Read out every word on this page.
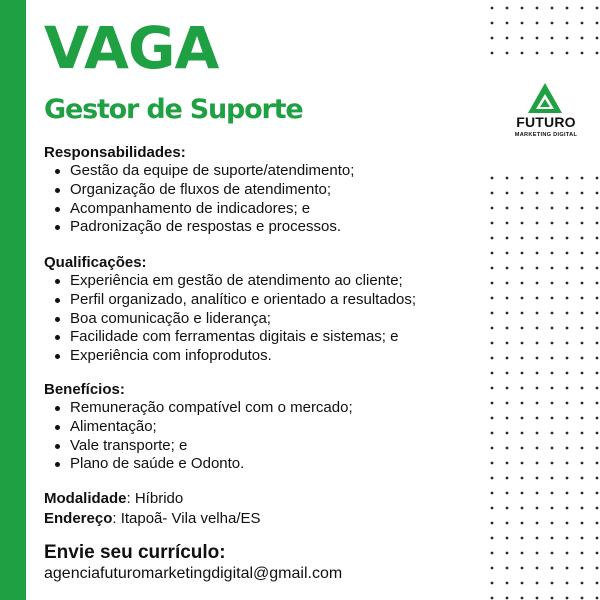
VAGA
Gestor de Suporte	FUTURO
MARKETING DIGITAL
Responsabilidades:
Gestão da equipe de suporte/atendimento;
Organização de fluxos de atendimento;
Acompanhamento de indicadores; e
Padronização de respostas e processos.
Qualificações:
Experiência em gestão de atendimento ao cliente;
Perfil organizado, analítico e orientado a resultados;
Boa comunicação e liderança;
Facilidade com ferramentas digitais e sistemas; e
Experiência com infoprodutos.
Benefícios:
Remuneração compatível com o mercado;
Alimentação;
Vale transporte; e
Plano de saúde e Odonto.
Modalidade: Híbrido
Endereço: Itapoã- Vila velha/ES
Envie seu currículo:
agenciafuturomarketingdigital@gmail.com
